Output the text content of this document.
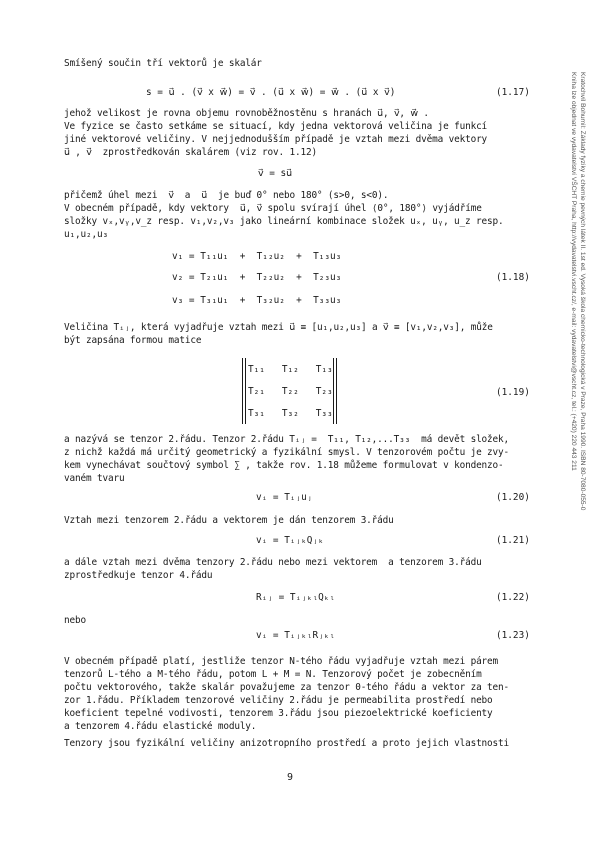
Kratochvíl Bohumil: Základy fyziky a chemie pevných látek II. 1st ed. Vysoká škola chemicko-technologická v Praze, Praha 1990. ISBN 80-7080-055-0
Kniha lze objednat ve vydavatelství VŠCHT Praha, http://vydavatelstvi.vscht.cz/, e-mail: vydavatelstvi@vscht.cz, tel.: (+420) 220 443 211
Smíšený součin tří vektorů je skalár
s = u⃗ . (v⃗ x w⃗) = v⃗ . (u⃗ x w⃗) = w⃗ . (u⃗ x v⃗)	(1.17)
jehož velikost je rovna objemu rovnoběžnostěnu s hranách u⃗, v⃗, w⃗ .
Ve fyzice se často setkáme se situací, kdy jedna vektorová veličina je funkcí
jiné vektorové veličiny. V nejjednodušším případě je vztah mezi dvěma vektory
u⃗ , v⃗  zprostředkován skalárem (viz rov. 1.12)
v⃗ = su⃗
přičemž úhel mezi  v⃗  a  u⃗  je buď 0° nebo 180° (s>0, s<0).
V obecném případě, kdy vektory  u⃗, v⃗ spolu svírají úhel ⟨0°, 180°⟩ vyjádříme
složky vₓ,vᵧ,v_z resp. v₁,v₂,v₃ jako lineární kombinace složek uₓ, uᵧ, u_z resp.
u₁,u₂,u₃
v₁ = T₁₁u₁  +  T₁₂u₂  +  T₁₃u₃
v₂ = T₂₁u₁  +  T₂₂u₂  +  T₂₃u₃	(1.18)
v₃ = T₃₁u₁  +  T₃₂u₂  +  T₃₃u₃
Veličina Tᵢⱼ, která vyjadřuje vztah mezi u⃗ ≡ [u₁,u₂,u₃] a v⃗ ≡ [v₁,v₂,v₃], může
být zapsána formou matice
T₁₁ T₁₂ T₁₃
T₂₁ T₂₂ T₂₃
T₃₁ T₃₂ T₃₃
(1.19)
a nazývá se tenzor 2.řádu. Tenzor 2.řádu Tᵢⱼ =  T₁₁, T₁₂,...T₃₃  má devět složek,
z nichž každá má určitý geometrický a fyzikální smysl. V tenzorovém počtu je zvy-
kem vynechávat součtový symbol ∑ , takže rov. 1.18 můžeme formulovat v kondenzo-
vaném tvaru
vᵢ = Tᵢⱼuⱼ	(1.20)
Vztah mezi tenzorem 2.řádu a vektorem je dán tenzorem 3.řádu
vᵢ = TᵢⱼₖQⱼₖ	(1.21)
a dále vztah mezi dvěma tenzory 2.řádu nebo mezi vektorem  a tenzorem 3.řádu
zprostředkuje tenzor 4.řádu
Rᵢⱼ = TᵢⱼₖₗQₖₗ	(1.22)
nebo
vᵢ = TᵢⱼₖₗRⱼₖₗ	(1.23)
V obecném případě platí, jestliže tenzor N-tého řádu vyjadřuje vztah mezi párem
tenzorů L-tého a M-tého řádu, potom L + M = N. Tenzorový počet je zobecněním
počtu vektorového, takže skalár považujeme za tenzor 0-tého řádu a vektor za ten-
zor 1.řádu. Příkladem tenzorové veličiny 2.řádu je permeabilita prostředí nebo
koeficient tepelné vodivosti, tenzorem 3.řádu jsou piezoelektrické koeficienty
a tenzorem 4.řádu elastické moduly.
Tenzory jsou fyzikální veličiny anizotropního prostředí a proto jejich vlastnosti
9
